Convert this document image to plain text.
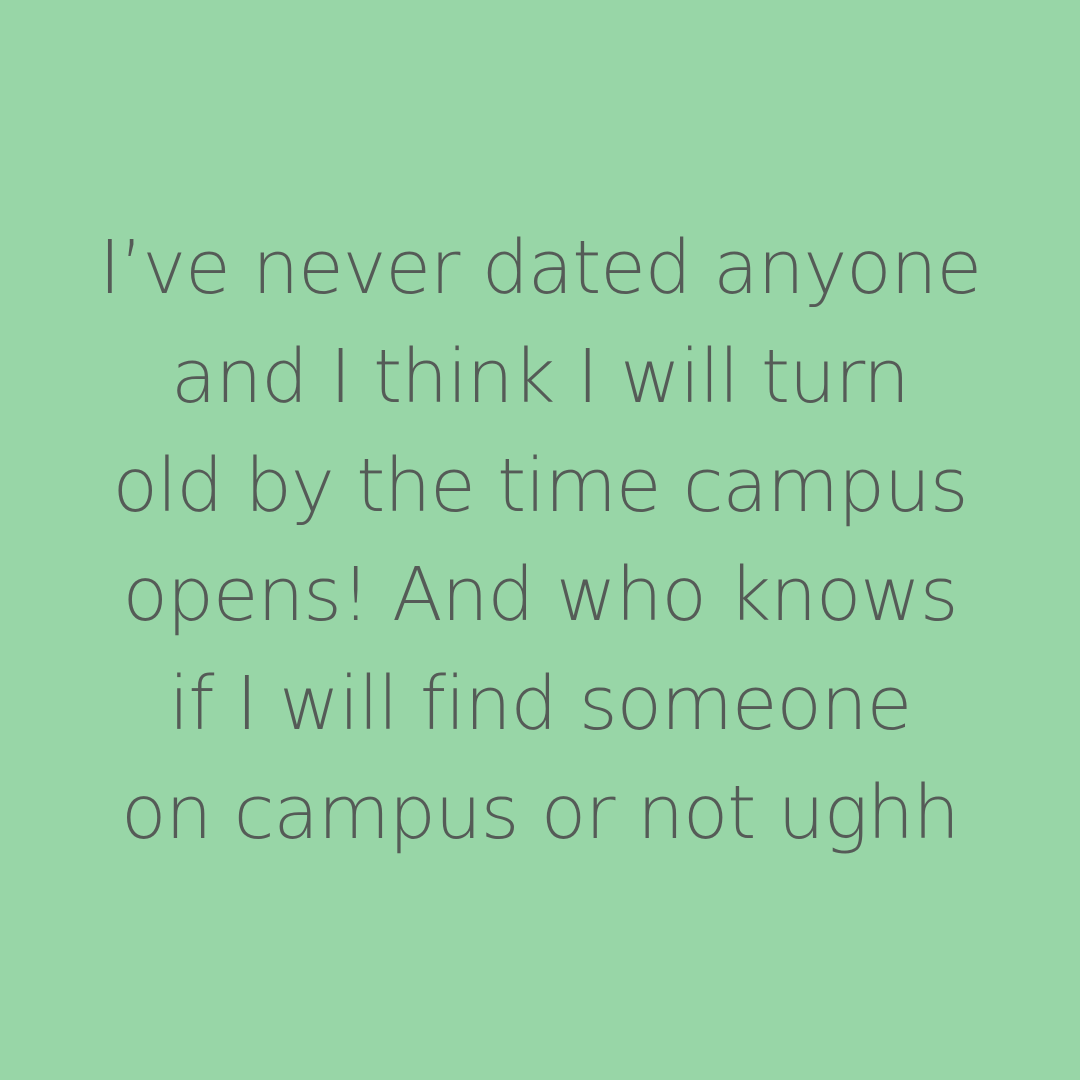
I’ve never dated anyone
and I think I will turn
old by the time campus
opens! And who knows
if I will find someone
on campus or not ughh
